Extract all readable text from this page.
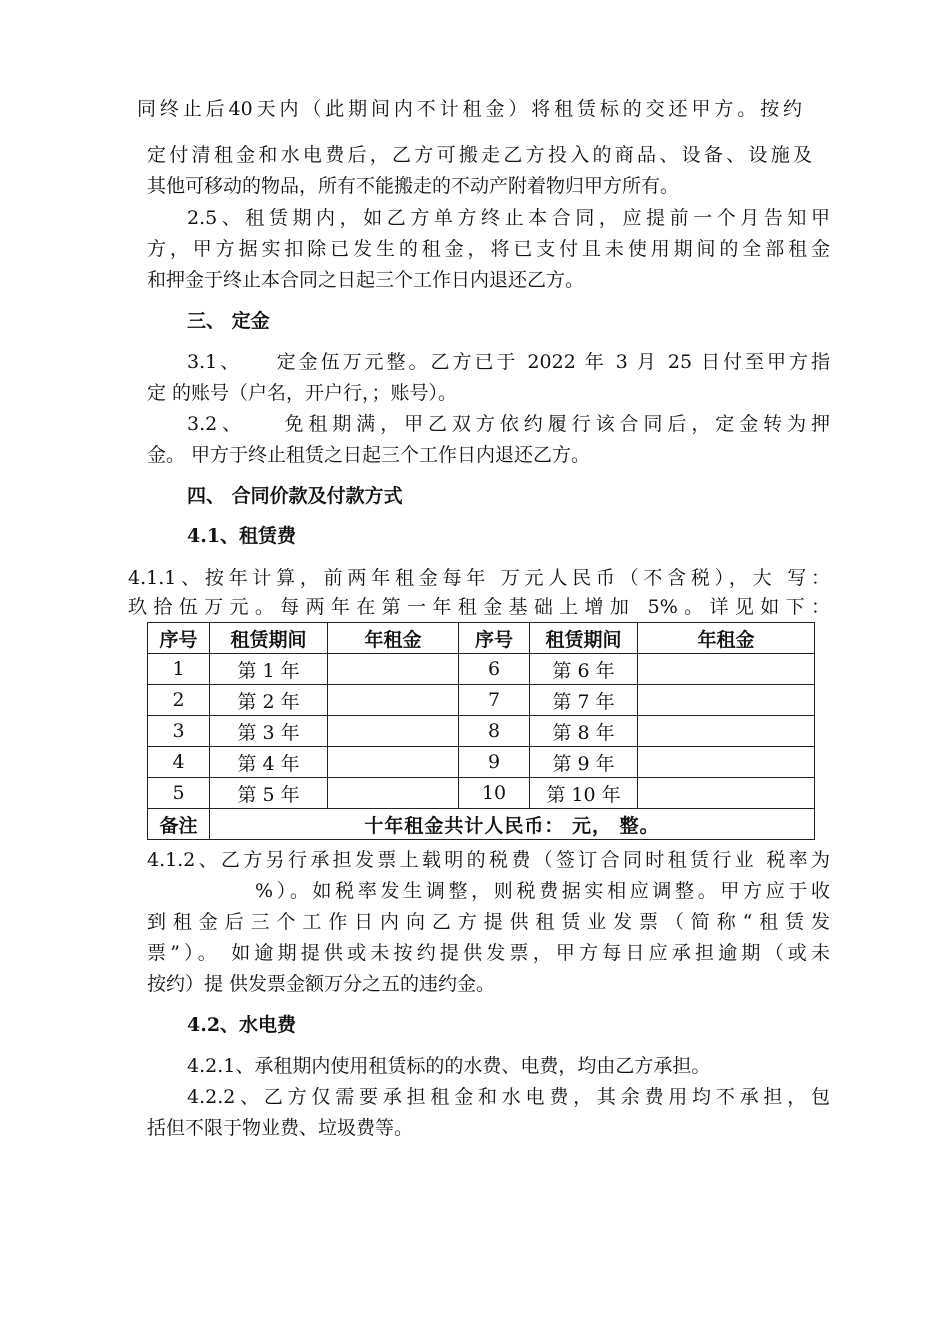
同终止后40天内（此期间内不计租金）将租赁标的交还甲方。按约
定付清租金和水电费后，乙方可搬走乙方投入的商品、设备、设施及
其他可移动的物品，所有不能搬走的不动产附着物归甲方所有。
2.5、租赁期内，如乙方单方终止本合同，应提前一个月告知甲
方，甲方据实扣除已发生的租金，将已支付且未使用期间的全部租金
和押金于终止本合同之日起三个工作日内退还乙方。
三、 定金
3.1、　　定金伍万元整。乙方已于 2022 年 3 月 25 日付至甲方指
定 的账号（户名，开户行，；账号）。
3.2、　　免租期满，甲乙双方依约履行该合同后，定金转为押
金。 甲方于终止租赁之日起三个工作日内退还乙方。
四、 合同价款及付款方式
4.1、租赁费
4.1.1、按年计算，前两年租金每年 万元人民币（不含税），大 写：
玖拾伍万元。每两年在第一年租金基础上增加 5%。详见如下：
序号	租赁期间	年租金	序号	租赁期间	年租金
1	第 1 年		6	第 6 年	
2	第 2 年		7	第 7 年	
3	第 3 年		8	第 8 年	
4	第 4 年		9	第 9 年	
5	第 5 年		10	第 10 年	
备注	十年租金共计人民币： 元， 整。				
4.1.2、乙方另行承担发票上载明的税费（签订合同时租赁行业 税率为
%）。如税率发生调整，则税费据实相应调整。甲方应于收
到租金后三个工作日内向乙方提供租赁业发票（简称“租赁发
票”）。 如逾期提供或未按约提供发票，甲方每日应承担逾期（或未
按约）提 供发票金额万分之五的违约金。
4.2、水电费
4.2.1、承租期内使用租赁标的的水费、电费，均由乙方承担。
4.2.2、乙方仅需要承担租金和水电费，其余费用均不承担，包
括但不限于物业费、垃圾费等。
